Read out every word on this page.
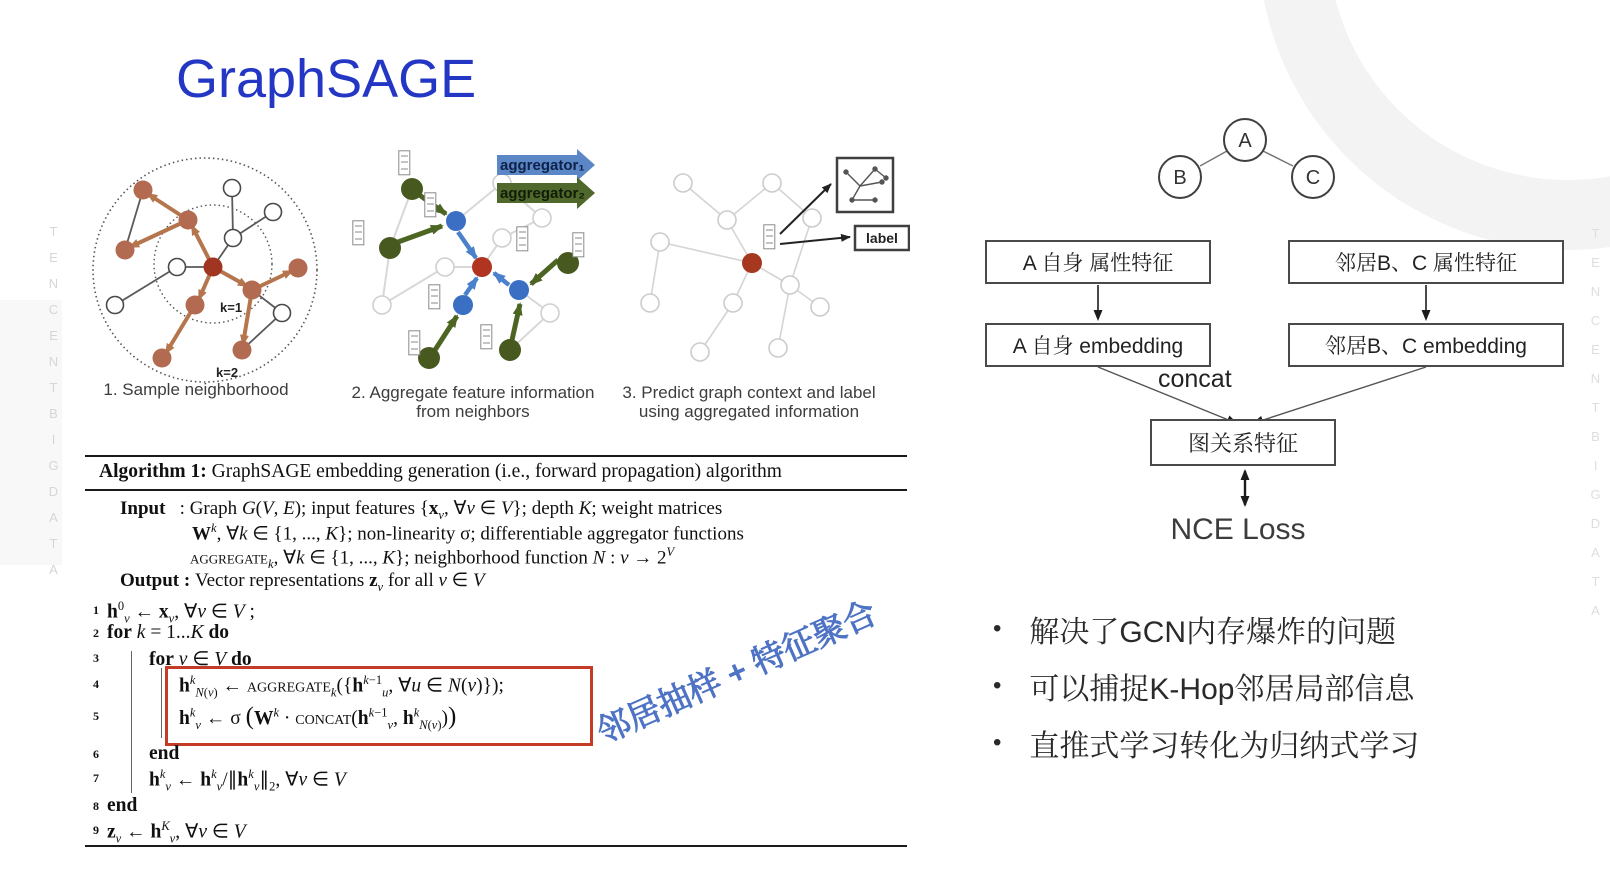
TENCENTBIGDATA	TENCENTBIGDATA
GraphSAGE
k=1
k=2
1. Sample neighborhood
aggregator₁
aggregator₂
2. Aggregate feature information
from neighbors
label
3. Predict graph context and label
using aggregated information
Algorithm 1: GraphSAGE embedding generation (i.e., forward propagation) algorithm
Input : Graph G(V, E); input features {$x_v$, ∀v ∈ V}; depth K; weight matrices
$W^k$, ∀k ∈ {1, ..., K}; non-linearity σ; differentiable aggregator functions
aggregate$_k$, ∀k ∈ {1, ..., K}; neighborhood function N : $v \to 2^V$
Output : Vector representations $z_v$ for all v ∈ V
1
2
3
4
5
6
7
8
9
$h^0_v$ ← $x_v$, ∀v ∈ V ;
for k = 1...K do
for v ∈ V do
$h^k_{N(v)}$ ← $aggregate_k(\{h^{k-1}_u$, ∀u ∈ N(v)});
$h^k_v$ ← σ ($W^k$ · $concat(h^{k-1}_v$, $h^k_{N(v)}$))
end
$h^k_v$ ← $h^k_v/\parallel h^k_v\parallel_2$, ∀v ∈ V
end
$z_v$ ← $h^K_v$, ∀v ∈ V
邻居抽样 + 特征聚合
A
B	C
A 自身 属性特征	邻居B、C 属性特征
A 自身 embedding	邻居B、C embedding
concat
图关系特征
NCE Loss
• 解决了GCN内存爆炸的问题
• 可以捕捉K-Hop邻居局部信息
• 直推式学习转化为归纳式学习
